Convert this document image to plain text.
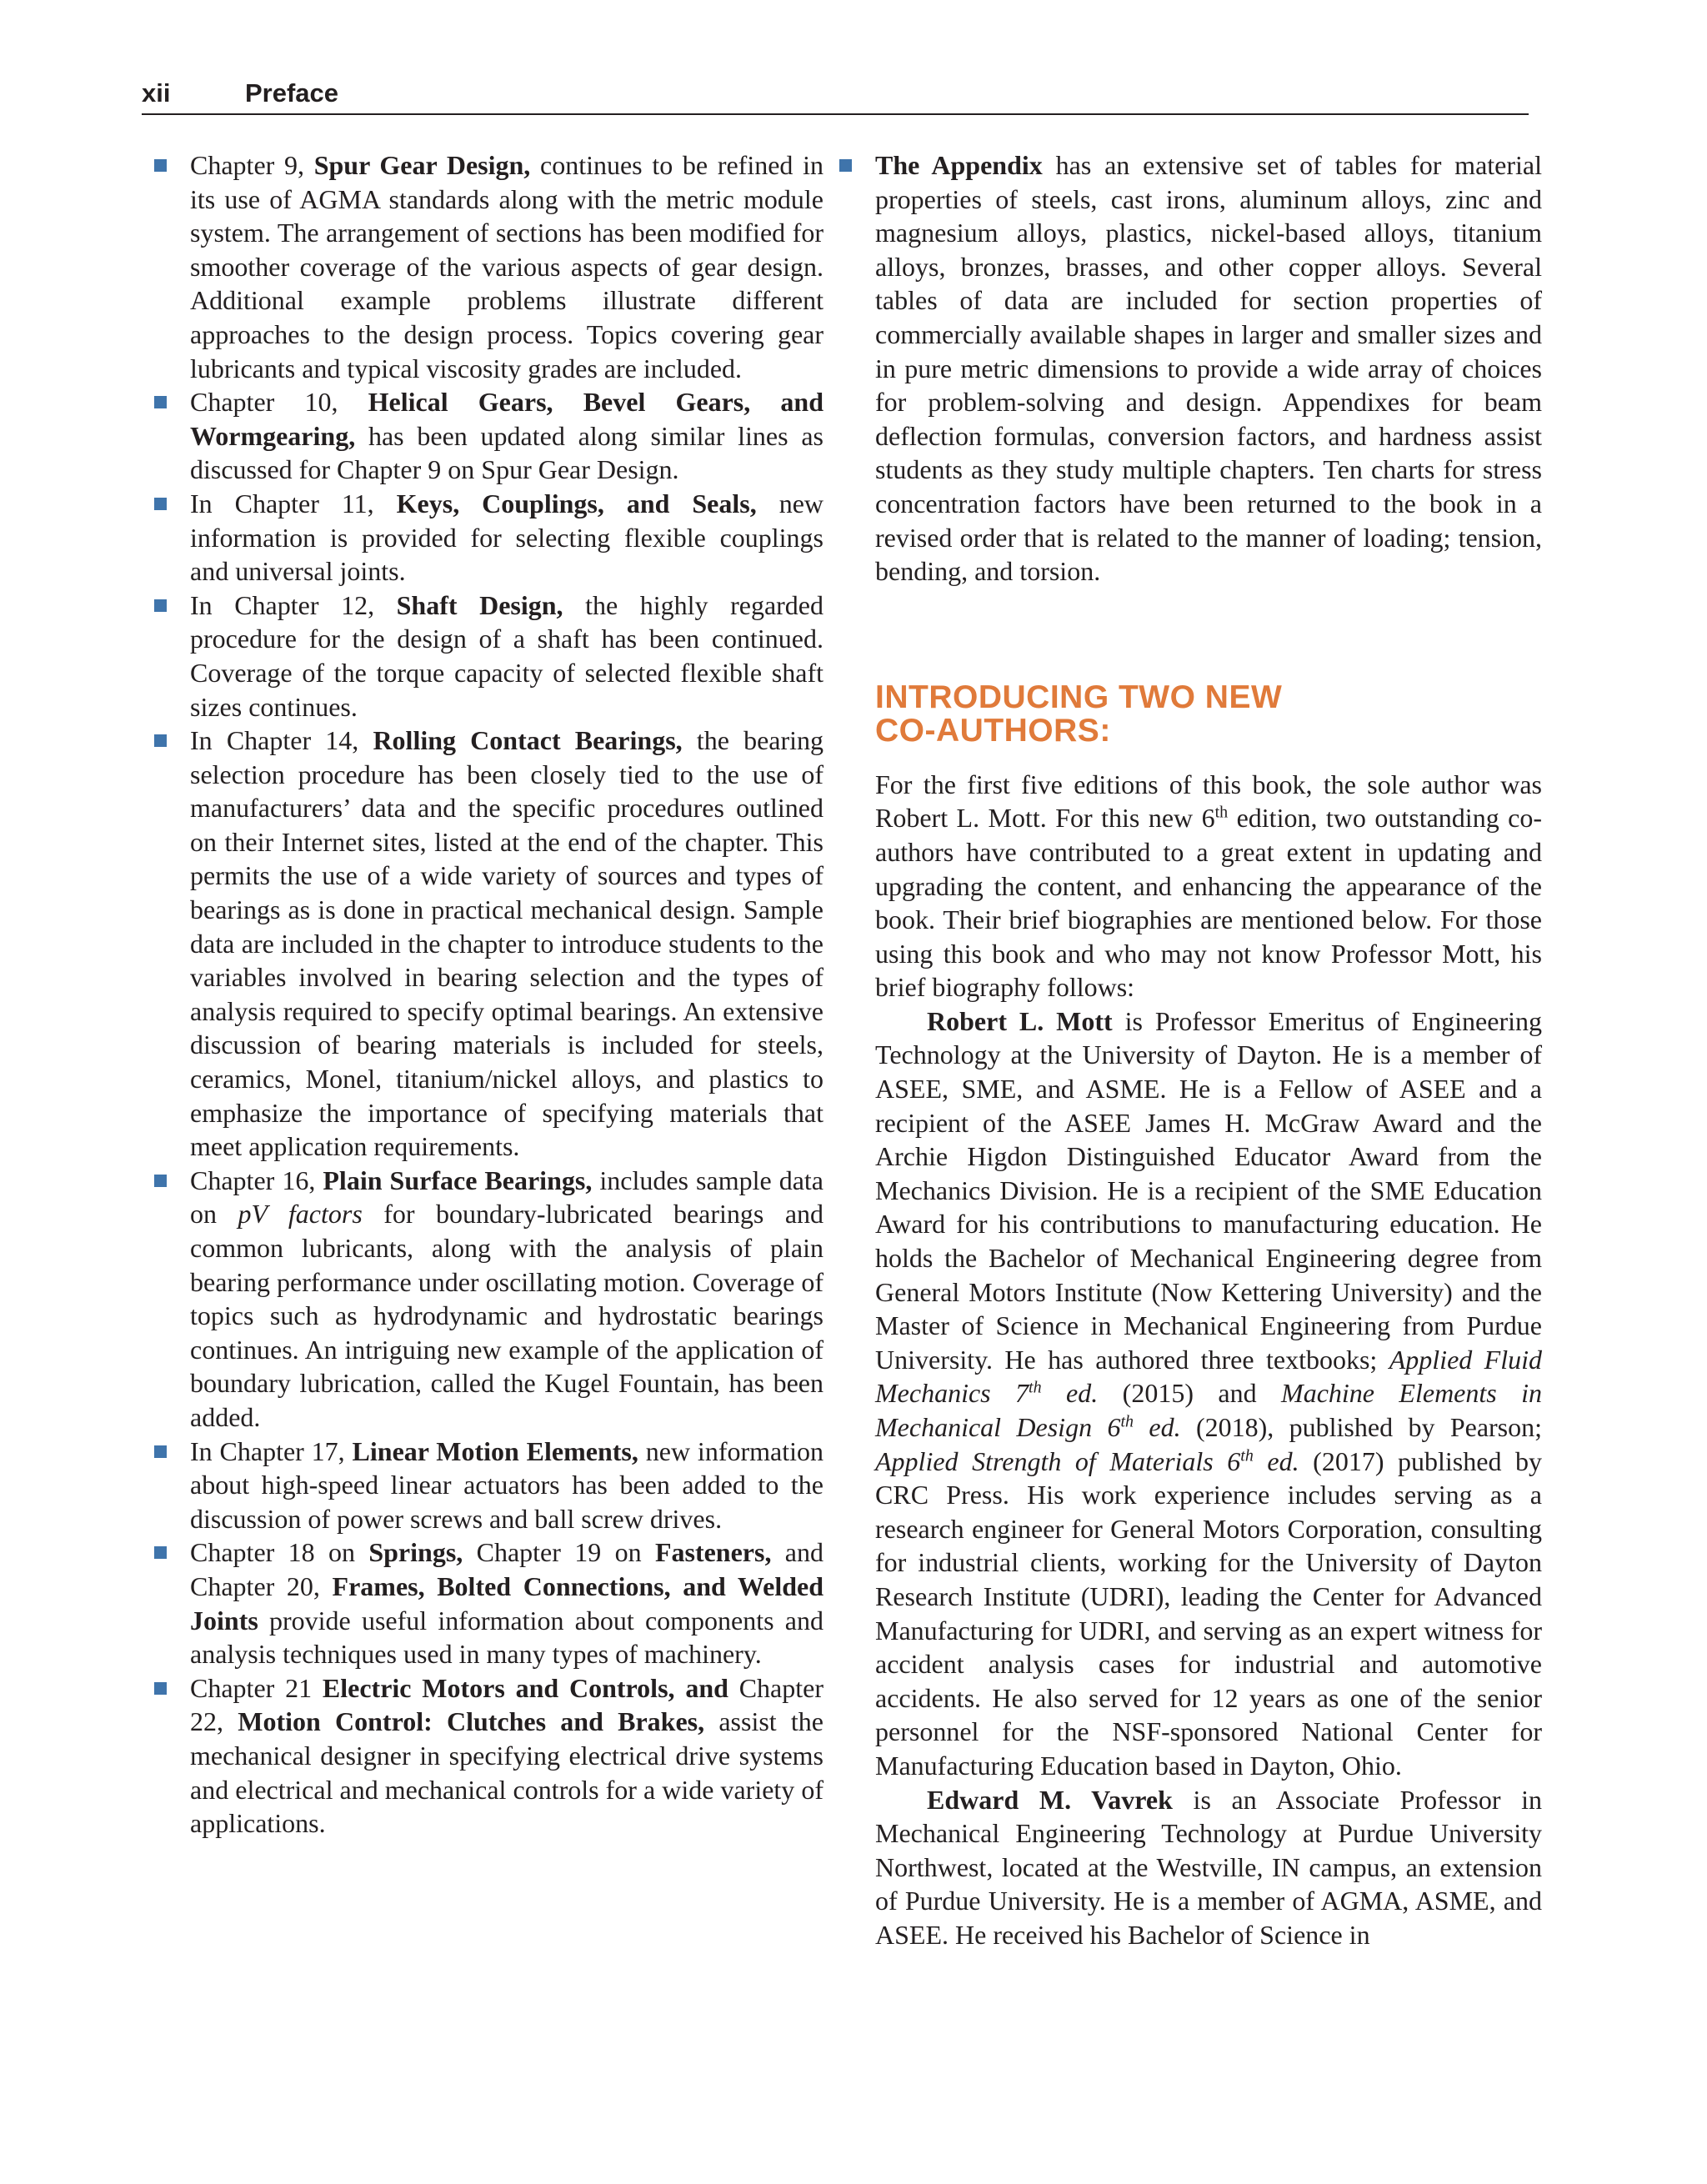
xii	Preface
Chapter 9, Spur Gear Design, continues to be refined in its use of AGMA standards along with the metric module system. The arrangement of sections has been modified for smoother coverage of the various aspects of gear design. Additional example problems illustrate different approaches to the design process. Topics covering gear lubricants and typical viscosity grades are included.
Chapter 10, Helical Gears, Bevel Gears, and Wormgearing, has been updated along similar lines as discussed for Chapter 9 on Spur Gear Design.
In Chapter 11, Keys, Couplings, and Seals, new information is provided for selecting flexible couplings and universal joints.
In Chapter 12, Shaft Design, the highly regarded procedure for the design of a shaft has been continued. Coverage of the torque capacity of selected flexible shaft sizes continues.
In Chapter 14, Rolling Contact Bearings, the bearing selection procedure has been closely tied to the use of manufacturers’ data and the specific procedures outlined on their Internet sites, listed at the end of the chapter. This permits the use of a wide variety of sources and types of bearings as is done in practical mechanical design. Sample data are included in the chapter to introduce students to the variables involved in bearing selection and the types of analysis required to specify optimal bearings. An extensive discussion of bearing materials is included for steels, ceramics, Monel, titanium/nickel alloys, and plastics to emphasize the importance of specifying materials that meet application requirements.
Chapter 16, Plain Surface Bearings, includes sample data on pV factors for boundary-lubricated bearings and common lubricants, along with the analysis of plain bearing performance under oscillating motion. Coverage of topics such as hydrodynamic and hydrostatic bearings continues. An intriguing new example of the application of boundary lubrication, called the Kugel Fountain, has been added.
In Chapter 17, Linear Motion Elements, new information about high-speed linear actuators has been added to the discussion of power screws and ball screw drives.
Chapter 18 on Springs, Chapter 19 on Fasteners, and Chapter 20, Frames, Bolted Connections, and Welded Joints provide useful information about components and analysis techniques used in many types of machinery.
Chapter 21 Electric Motors and Controls, and Chapter 22, Motion Control: Clutches and Brakes, assist the mechanical designer in specifying electrical drive systems and electrical and mechanical controls for a wide variety of applications.
The Appendix has an extensive set of tables for material properties of steels, cast irons, aluminum alloys, zinc and magnesium alloys, plastics, nickel-based alloys, titanium alloys, bronzes, brasses, and other copper alloys. Several tables of data are included for section properties of commercially available shapes in larger and smaller sizes and in pure metric dimensions to provide a wide array of choices for problem-solving and design. Appendixes for beam deflection formulas, conversion factors, and hardness assist students as they study multiple chapters. Ten charts for stress concentration factors have been returned to the book in a revised order that is related to the manner of loading; tension, bending, and torsion.
INTRODUCING TWO NEW
CO-AUTHORS:

For the first five editions of this book, the sole author was Robert L. Mott. For this new 6th edition, two outstanding co-authors have contributed to a great extent in updating and upgrading the content, and enhancing the appearance of the book. Their brief biographies are mentioned below. For those using this book and who may not know Professor Mott, his brief biography follows:

Robert L. Mott is Professor Emeritus of Engineering Technology at the University of Dayton. He is a member of ASEE, SME, and ASME. He is a Fellow of ASEE and a recipient of the ASEE James H. McGraw Award and the Archie Higdon Distinguished Educator Award from the Mechanics Division. He is a recipient of the SME Education Award for his contributions to manufacturing education. He holds the Bachelor of Mechanical Engineering degree from General Motors Institute (Now Kettering University) and the Master of Science in Mechanical Engineering from Purdue University. He has authored three textbooks; Applied Fluid Mechanics 7th ed. (2015) and Machine Elements in Mechanical Design 6th ed. (2018), published by Pearson; Applied Strength of Materials 6th ed. (2017) published by CRC Press. His work experience includes serving as a research engineer for General Motors Corporation, consulting for industrial clients, working for the University of Dayton Research Institute (UDRI), leading the Center for Advanced Manufacturing for UDRI, and serving as an expert witness for accident analysis cases for industrial and automotive accidents. He also served for 12 years as one of the senior personnel for the NSF-sponsored National Center for Manufacturing Education based in Dayton, Ohio.

Edward M. Vavrek is an Associate Professor in Mechanical Engineering Technology at Purdue University Northwest, located at the Westville, IN campus, an extension of Purdue University. He is a member of AGMA, ASME, and ASEE. He received his Bachelor of Science in
